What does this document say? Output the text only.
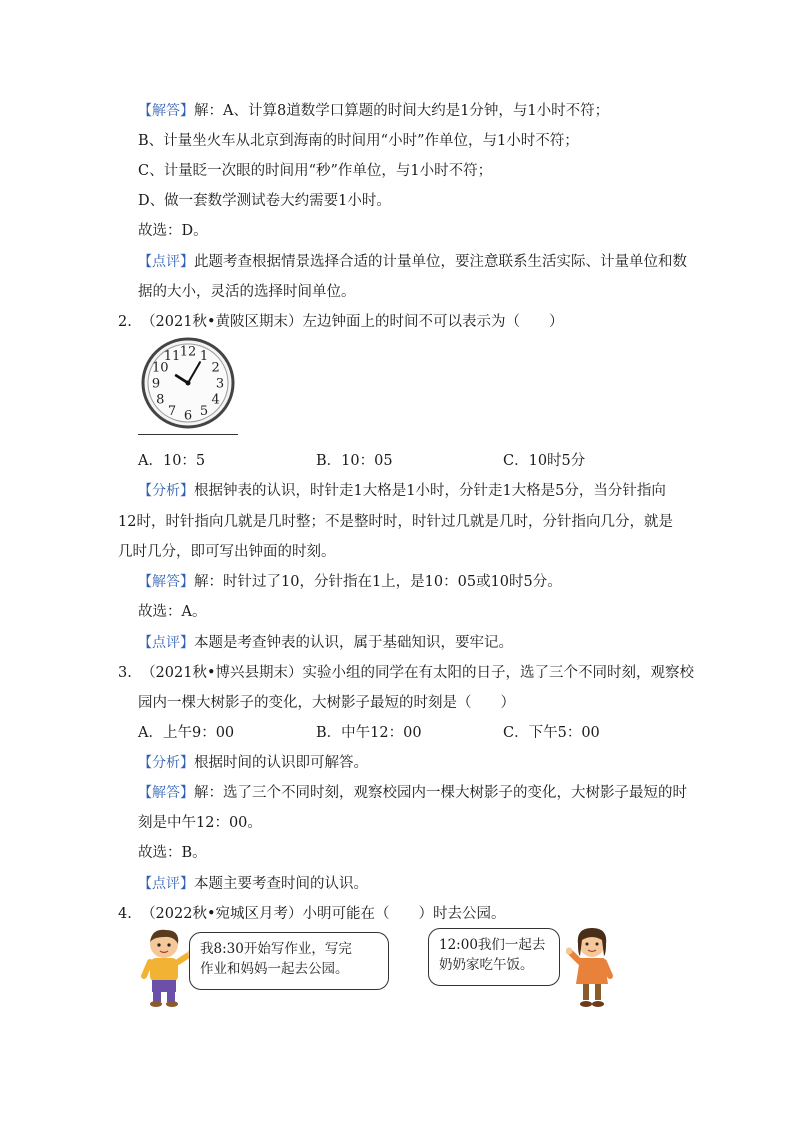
【解答】解：A、计算8道数学口算题的时间大约是1分钟，与1小时不符；
B、计量坐火车从北京到海南的时间用“小时”作单位，与1小时不符；
C、计量眨一次眼的时间用“秒”作单位，与1小时不符；
D、做一套数学测试卷大约需要1小时。
故选：D。
【点评】此题考查根据情景选择合适的计量单位，要注意联系生活实际、计量单位和数
据的大小，灵活的选择时间单位。
2. （2021秋•黄陂区期末）左边钟面上的时间不可以表示为（　　）
12 1
2
3
4
5
6
7
8
9
10
11
A．10：5	B．10：05	C．10时5分
【分析】根据钟表的认识，时针走1大格是1小时，分针走1大格是5分，当分针指向
12时，时针指向几就是几时整；不是整时时，时针过几就是几时，分针指向几分，就是
几时几分，即可写出钟面的时刻。
【解答】解：时针过了10，分针指在1上，是10：05或10时5分。
故选：A。
【点评】本题是考查钟表的认识，属于基础知识，要牢记。
3. （2021秋•博兴县期末）实验小组的同学在有太阳的日子，选了三个不同时刻，观察校
园内一棵大树影子的变化，大树影子最短的时刻是（　　）
A．上午9：00	B．中午12：00	C．下午5：00
【分析】根据时间的认识即可解答。
【解答】解：选了三个不同时刻，观察校园内一棵大树影子的变化，大树影子最短的时
刻是中午12：00。
故选：B。
【点评】本题主要考查时间的认识。
4. （2022秋•宛城区月考）小明可能在（　　）时去公园。
我8:30开始写作业，写完
作业和妈妈一起去公园。
12:00我们一起去
奶奶家吃午饭。
